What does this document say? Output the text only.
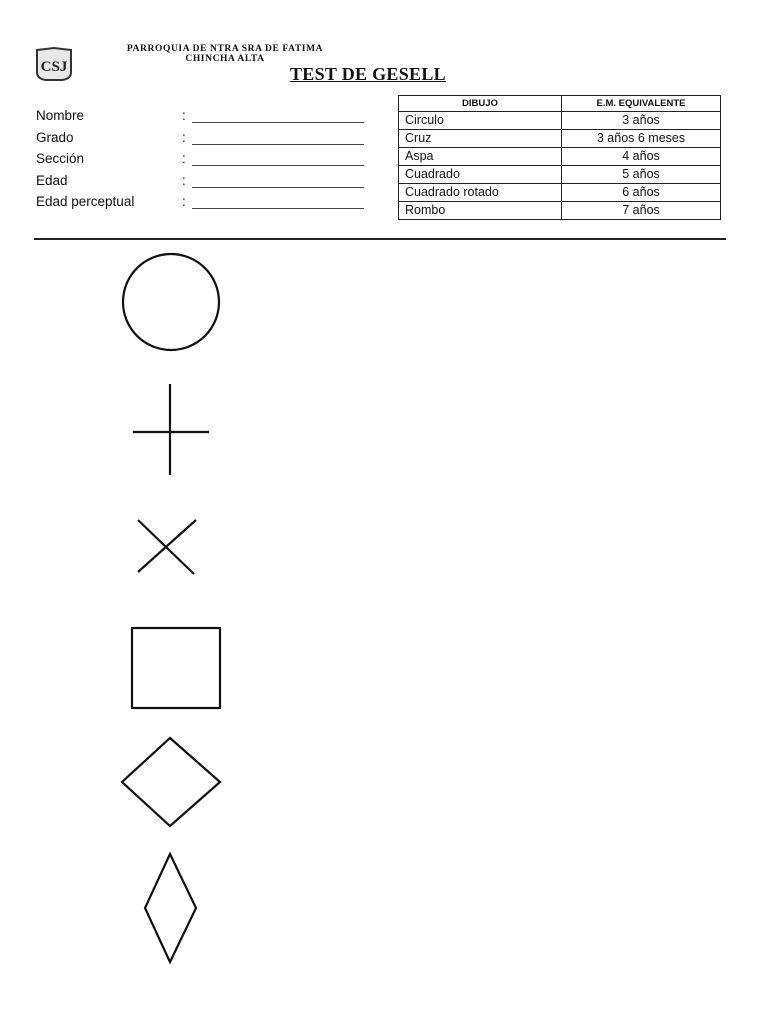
CSJ
PARROQUIA DE NTRA SRA DE FATIMA
CHINCHA ALTA
TEST DE GESELL
Nombre	:
Grado	:
Sección	:
Edad	:
Edad perceptual	:
DIBUJO	E.M. EQUIVALENTE
Circulo	3 años
Cruz	3 años 6 meses
Aspa	4 años
Cuadrado	5 años
Cuadrado rotado	6 años
Rombo	7 años
